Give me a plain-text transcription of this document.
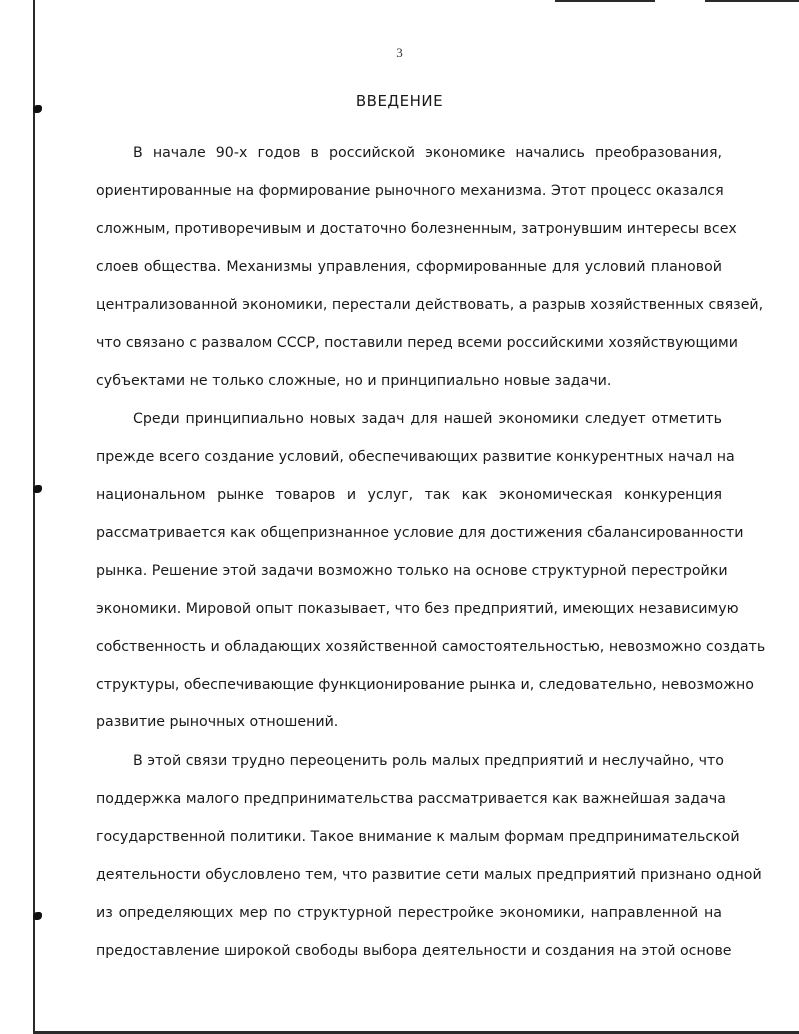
3
ВВЕДЕНИЕ
В начале 90-х годов в российской экономике начались преобразования,
ориентированные на формирование рыночного механизма. Этот процесс оказался
сложным, противоречивым и достаточно болезненным, затронувшим интересы всех
слоев общества. Механизмы управления, сформированные для условий плановой
централизованной экономики, перестали действовать, а разрыв хозяйственных связей,
что связано с развалом СССР, поставили перед всеми российскими хозяйствующими
субъектами не только сложные, но и принципиально новые задачи.
Среди принципиально новых задач для нашей экономики следует отметить
прежде всего создание условий, обеспечивающих развитие конкурентных начал на
национальном рынке товаров и услуг, так как экономическая конкуренция
рассматривается как общепризнанное условие для достижения сбалансированности
рынка. Решение этой задачи возможно только на основе структурной перестройки
экономики. Мировой опыт показывает, что без предприятий, имеющих независимую
собственность и обладающих хозяйственной самостоятельностью, невозможно создать
структуры, обеспечивающие функционирование рынка и, следовательно, невозможно
развитие рыночных отношений.
В этой связи трудно переоценить роль малых предприятий и неслучайно, что
поддержка малого предпринимательства рассматривается как важнейшая задача
государственной политики. Такое внимание к малым формам предпринимательской
деятельности обусловлено тем, что развитие сети малых предприятий признано одной
из определяющих мер по структурной перестройке экономики, направленной на
предоставление широкой свободы выбора деятельности и создания на этой основе
